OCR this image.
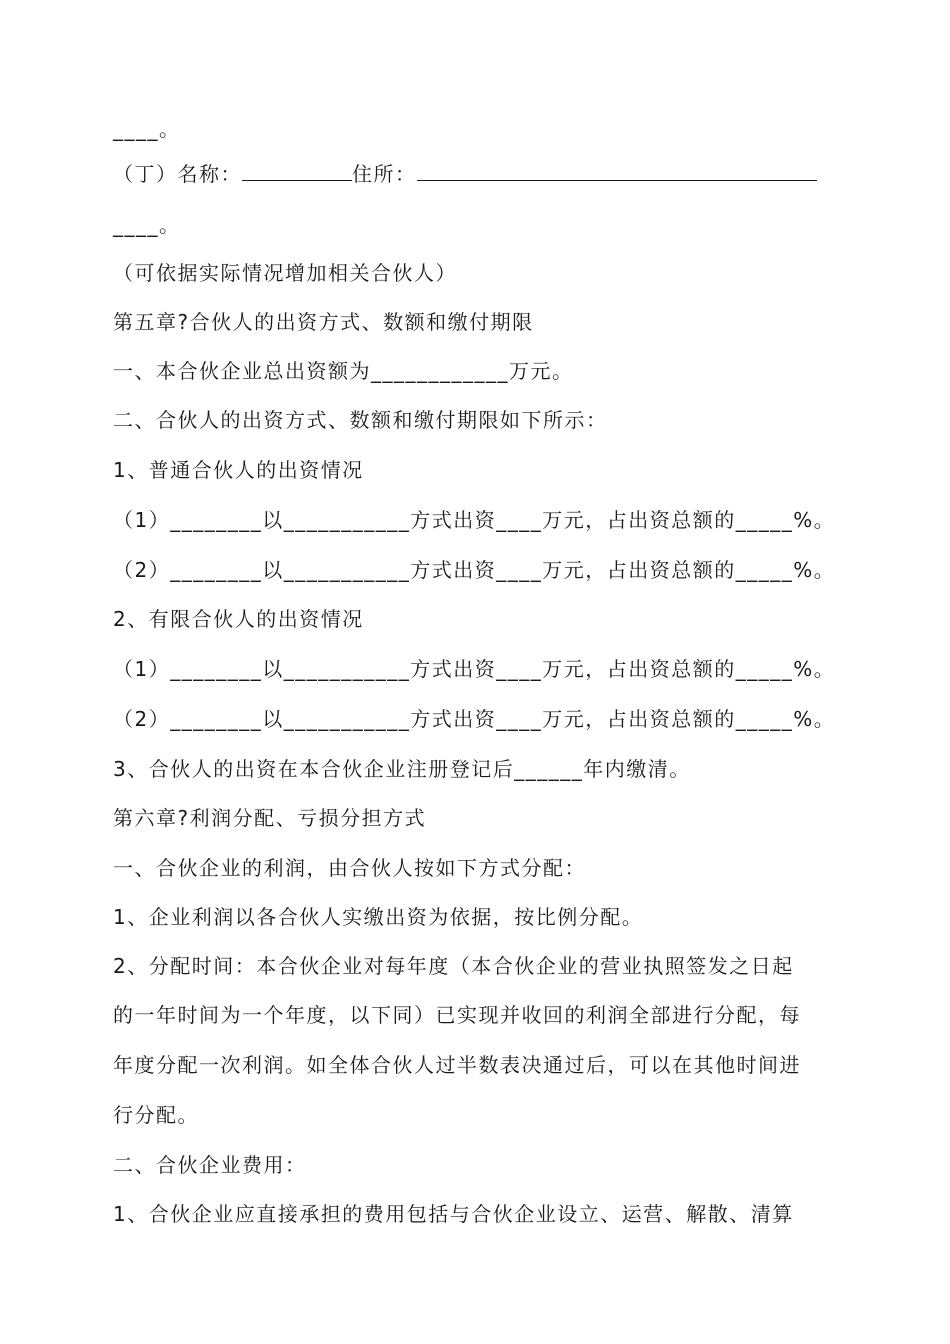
____。
（丁）名称：	住所：
____。
（可依据实际情况增加相关合伙人）
第五章?合伙人的出资方式、数额和缴付期限
一、本合伙企业总出资额为____________万元。
二、合伙人的出资方式、数额和缴付期限如下所示：
1、普通合伙人的出资情况
（1）________以___________方式出资____万元，占出资总额的_____%。
（2）________以___________方式出资____万元，占出资总额的_____%。
2、有限合伙人的出资情况
（1）________以___________方式出资____万元，占出资总额的_____%。
（2）________以___________方式出资____万元，占出资总额的_____%。
3、合伙人的出资在本合伙企业注册登记后______年内缴清。
第六章?利润分配、亏损分担方式
一、合伙企业的利润，由合伙人按如下方式分配：
1、企业利润以各合伙人实缴出资为依据，按比例分配。
2、分配时间：本合伙企业对每年度（本合伙企业的营业执照签发之日起
的一年时间为一个年度，以下同）已实现并收回的利润全部进行分配，每
年度分配一次利润。如全体合伙人过半数表决通过后，可以在其他时间进
行分配。
二、合伙企业费用：
1、合伙企业应直接承担的费用包括与合伙企业设立、运营、解散、清算
